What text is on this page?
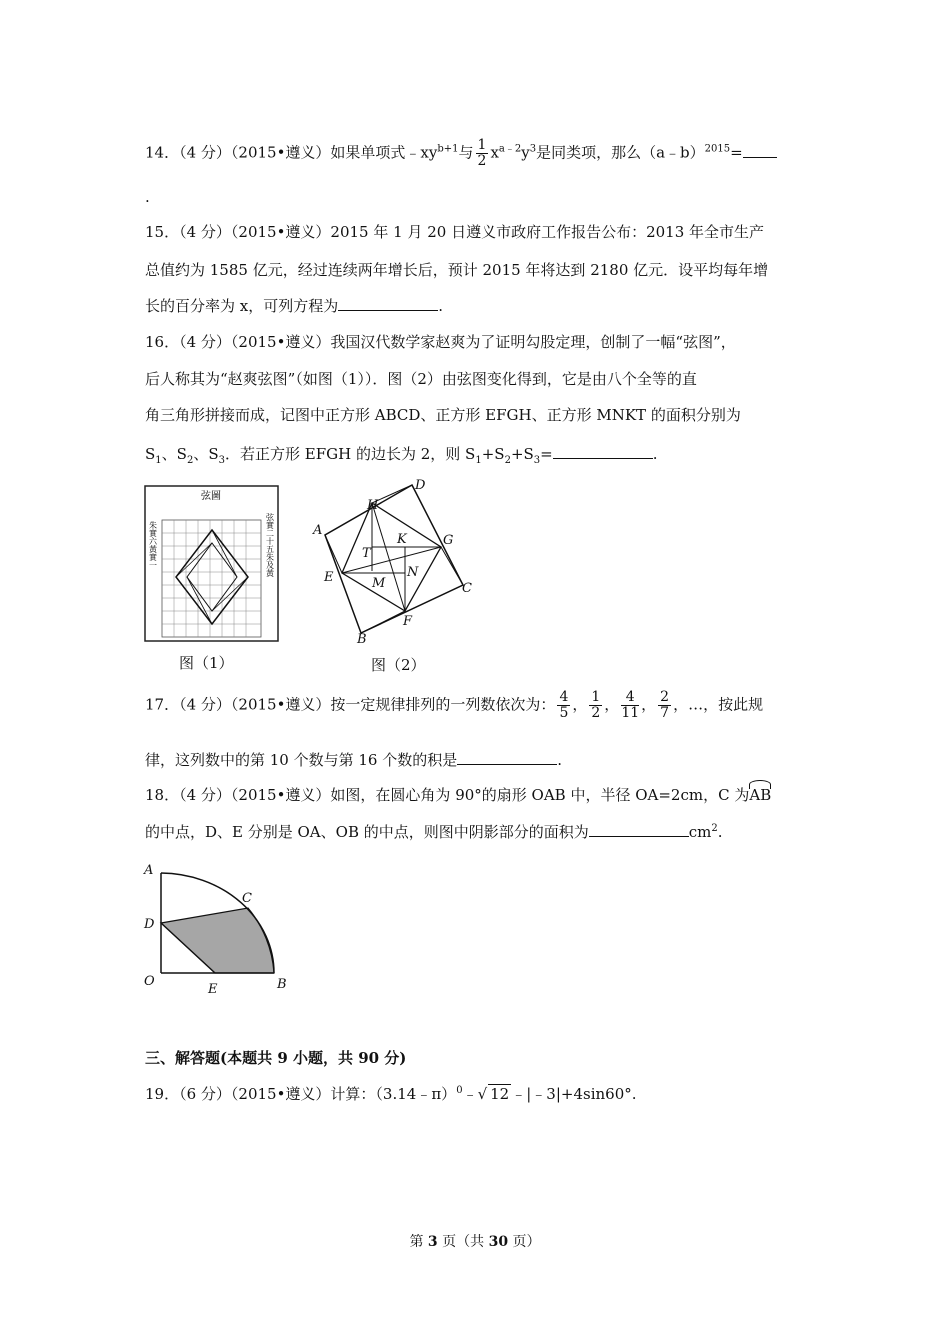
14．（4 分）（2015•遵义）如果单项式$﹣xy^{b+1}$与 $\frac{1}{2} x^{a﹣2}y^3$是同类项，那么（a﹣b）$^{2015}$=
.
15．（4 分）（2015•遵义）2015 年 1 月 20 日遵义市政府工作报告公布：2013 年全市生产
总值约为 1585 亿元，经过连续两年增长后，预计 2015 年将达到 2180 亿元．设平均每年增
长的百分率为 x，可列方程为	.
16．（4 分）（2015•遵义）我国汉代数学家赵爽为了证明勾股定理，创制了一幅“弦图”，
后人称其为“赵爽弦图”（如图（1））．图（2）由弦图变化得到，它是由八个全等的直
角三角形拼接而成，记图中正方形 ABCD、正方形 EFGH、正方形 MNKT 的面积分别为
$S_1$、$S_2$、$S_3$．若正方形 EFGH 的边长为 2，则 $S_1+S_2+S_3=$	.
弦圖
朱實六黃實一	弦實二十五朱及黃
图（1）
A
B
C
D
E
F
G
H
T
K
M
N
图（2）
17．（4 分）（2015•遵义）按一定规律排列的一列数依次为： $\frac{4}{5}$ ， $\frac{1}{2}$ ， $\frac{4}{11}$ ， $\frac{2}{7}$ ，…，按此规
律，这列数中的第 10 个数与第 16 个数的积是	.
18．（4 分）（2015•遵义）如图，在圆心角为 90°的扇形 OAB 中，半径 OA=2cm，C 为AB
的中点，D、E 分别是 OA、OB 的中点，则图中阴影部分的面积为	$cm^2$.
A
C
D
O
E	B
三、解答题(本题共 9 小题，共 90 分)
19．（6 分）（2015•遵义）计算：（3.14﹣π）$^0$﹣√ 12 ﹣|﹣3|+4sin60°.
第 3 页（共 30 页）
